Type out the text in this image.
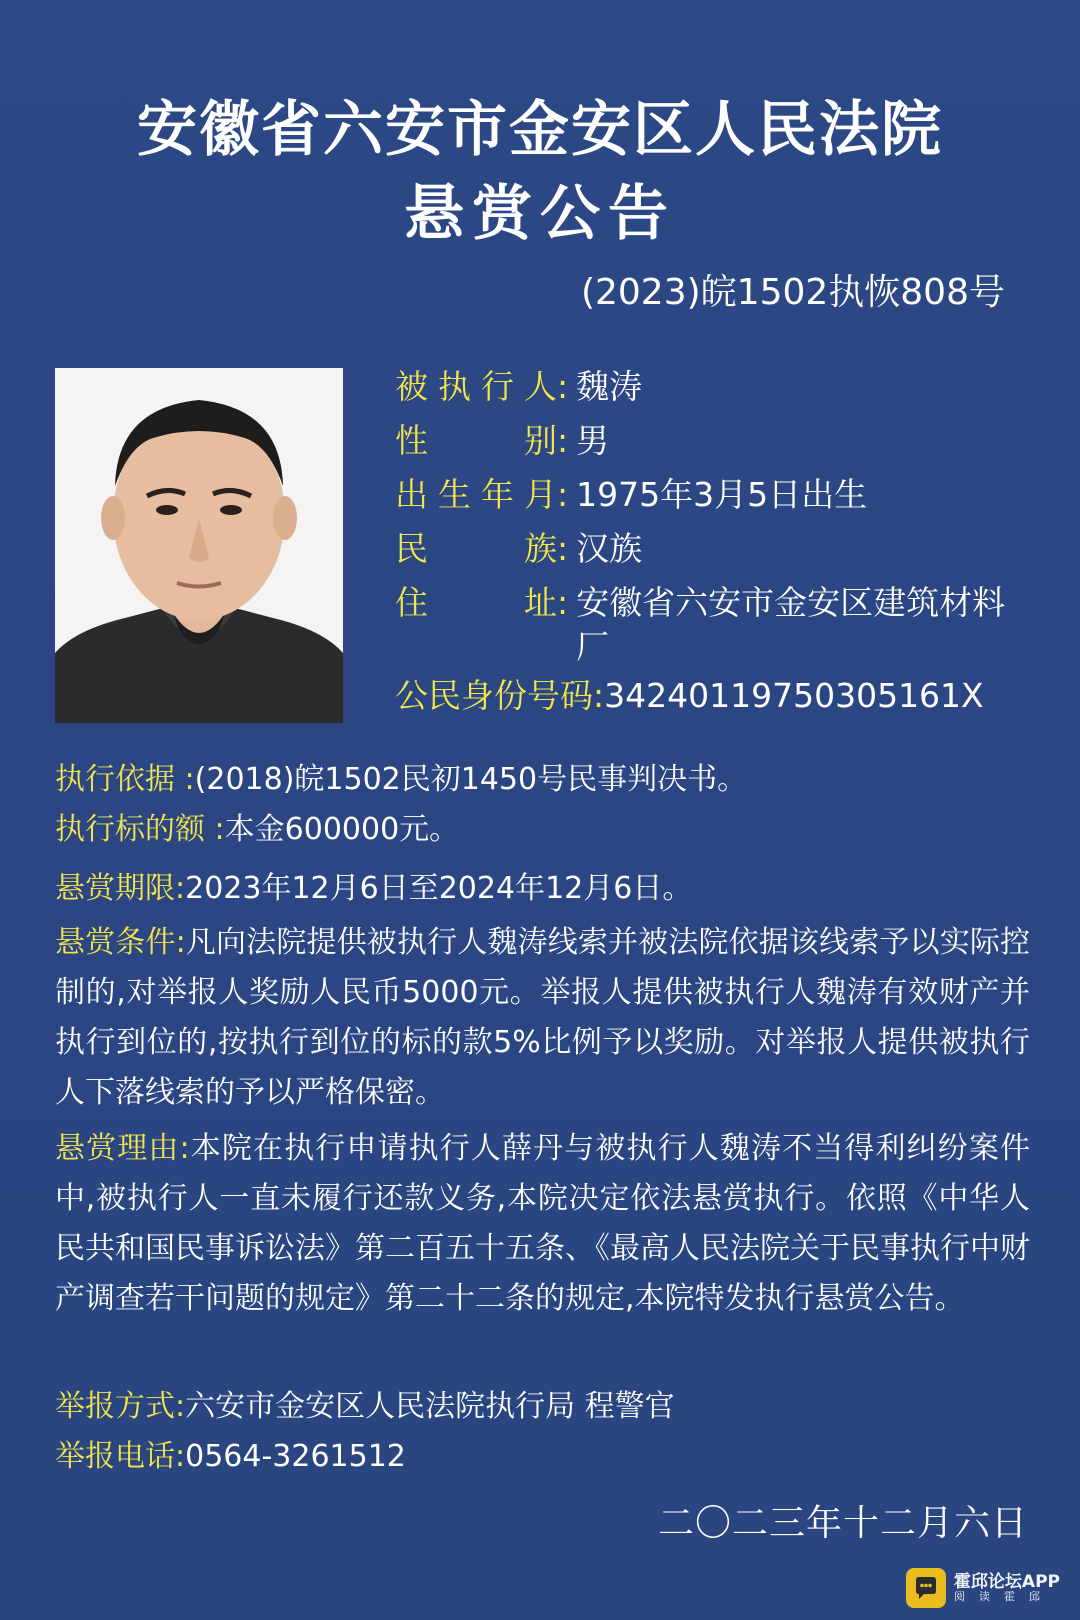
安徽省六安市金安区人民法院
悬赏公告
(2023)皖1502执恢808号
被执行人 : 魏涛
性别 : 男
出生年月 : 1975年3月5日出生
民族 : 汉族
住址 : 安徽省六安市金安区建筑材料厂
公民身份号码: 34240119750305161X
执行依据 :(2018)皖1502民初1450号民事判决书。
执行标的额 :本金600000元。
悬赏期限:2023年12月6日至2024年12月6日。
悬赏条件:凡向法院提供被执行人魏涛线索并被法院依据该线索予以实际控制的,对举报人奖励人民币5000元。举报人提供被执行人魏涛有效财产并执行到位的,按执行到位的标的款5%比例予以奖励。对举报人提供被执行人下落线索的予以严格保密。
悬赏理由:本院在执行申请执行人薛丹与被执行人魏涛不当得利纠纷案件中,被执行人一直未履行还款义务,本院决定依法悬赏执行。依照《中华人民共和国民事诉讼法》第二百五十五条、《最高人民法院关于民事执行中财产调查若干问题的规定》第二十二条的规定,本院特发执行悬赏公告。
举报方式:六安市金安区人民法院执行局 程警官
举报电话:0564-3261512
二〇二三年十二月六日
霍邱论坛APP
阅读霍邱
